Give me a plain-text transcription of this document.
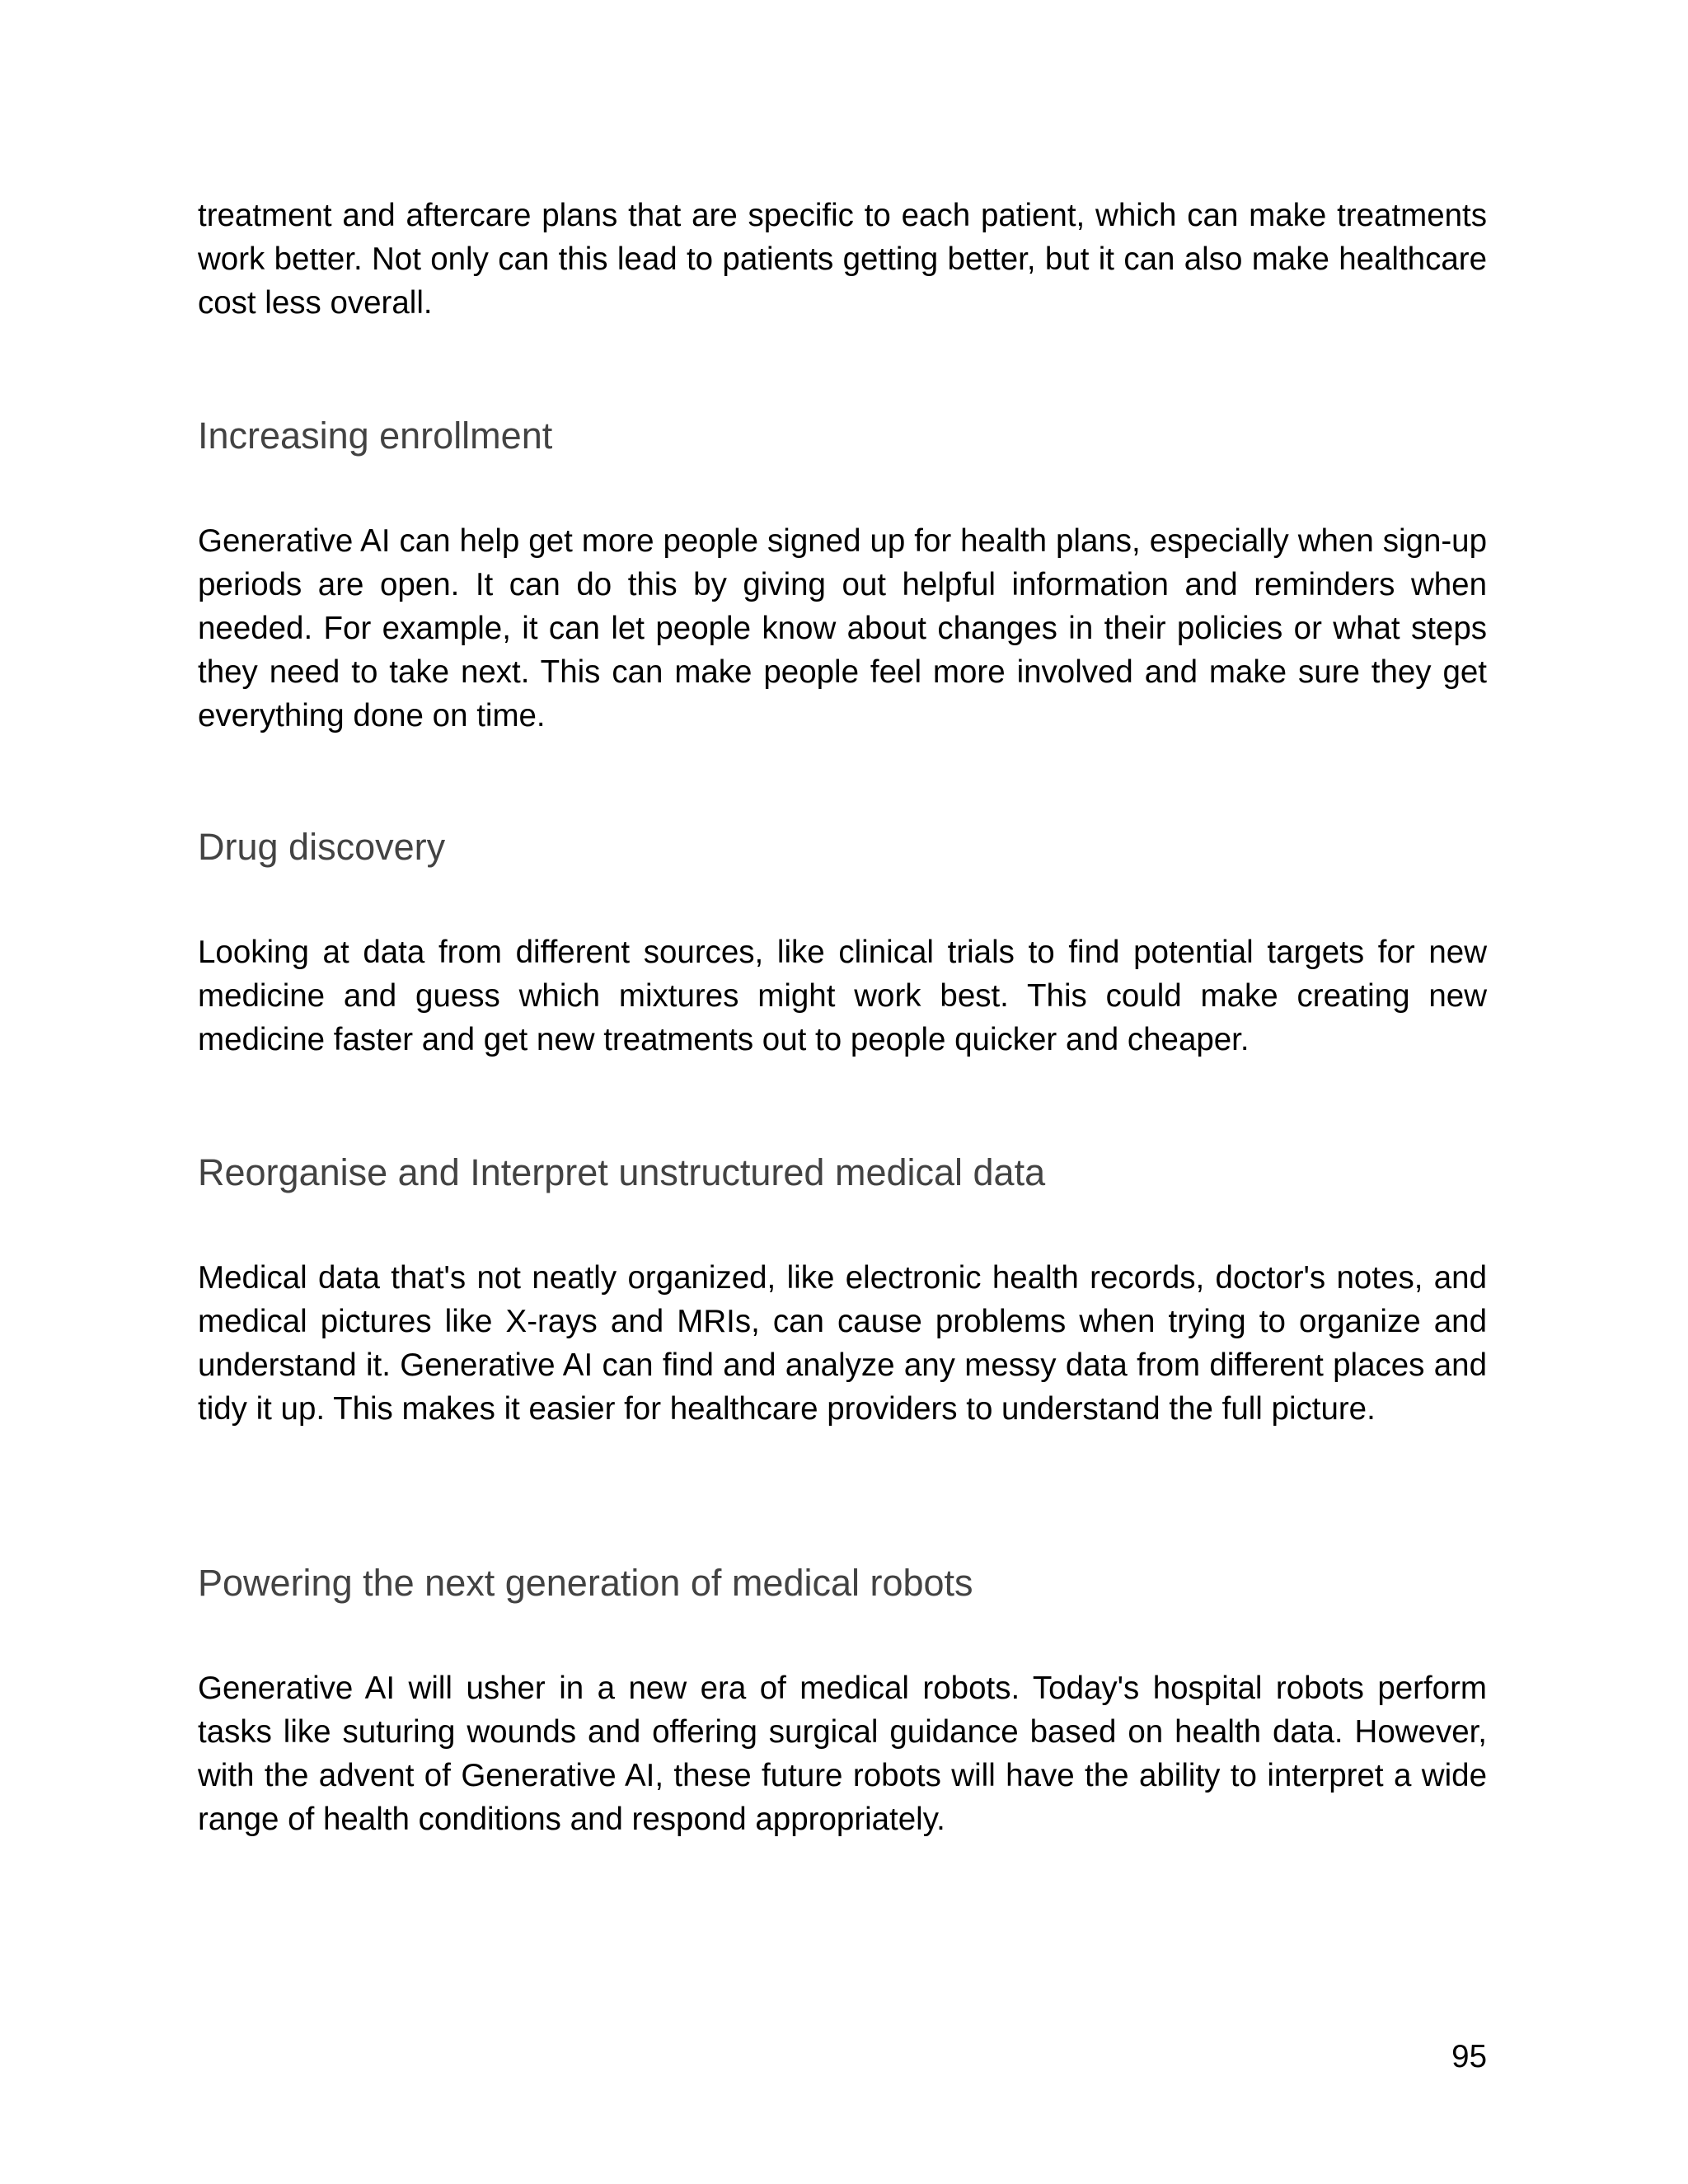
treatment and aftercare plans that are specific to each patient, which can make treatments work better. Not only can this lead to patients getting better, but it can also make healthcare cost less overall.

Increasing enrollment

Generative AI can help get more people signed up for health plans, especially when sign-up periods are open. It can do this by giving out helpful information and reminders when needed. For example, it can let people know about changes in their policies or what steps they need to take next. This can make people feel more involved and make sure they get everything done on time.

Drug discovery

Looking at data from different sources, like clinical trials to find potential targets for new medicine and guess which mixtures might work best. This could make creating new medicine faster and get new treatments out to people quicker and cheaper.

Reorganise and Interpret unstructured medical data

Medical data that's not neatly organized, like electronic health records, doctor's notes, and medical pictures like X-rays and MRIs, can cause problems when trying to organize and understand it. Generative AI can find and analyze any messy data from different places and tidy it up. This makes it easier for healthcare providers to understand the full picture.

Powering the next generation of medical robots

Generative AI will usher in a new era of medical robots. Today's hospital robots perform tasks like suturing wounds and offering surgical guidance based on health data. However, with the advent of Generative AI, these future robots will have the ability to interpret a wide range of health conditions and respond appropriately.

95
